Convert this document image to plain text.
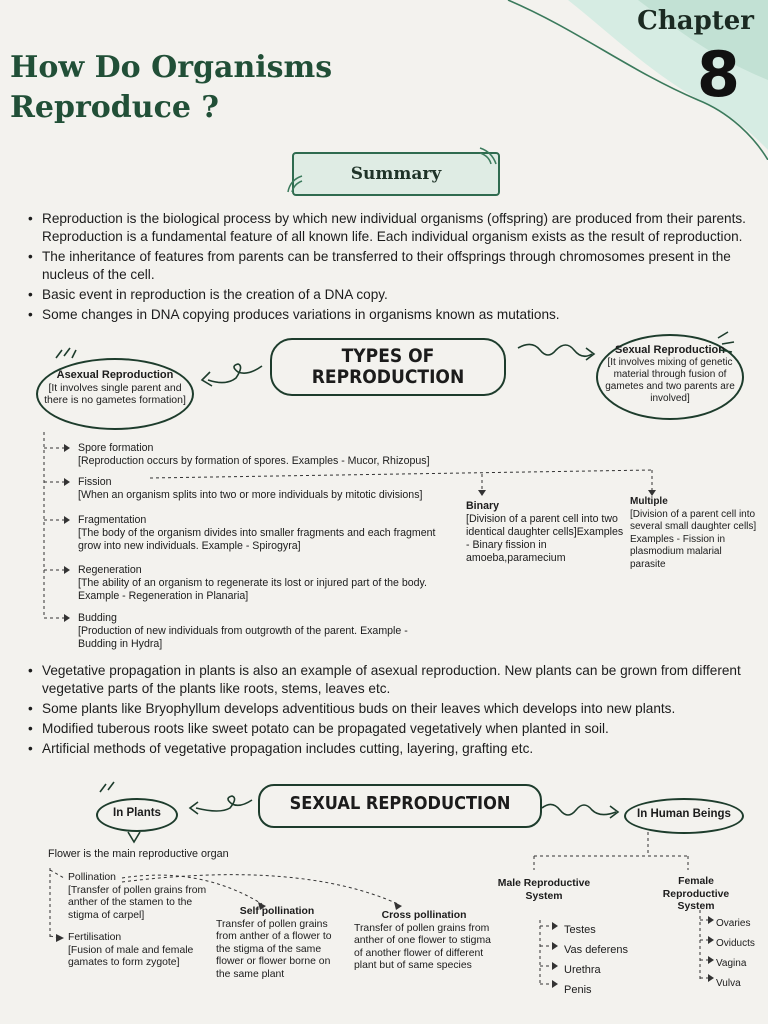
Chapter
8
How Do Organisms
Reproduce ?
Summary
• Reproduction is the biological process by which new individual organisms (offspring) are produced from their parents. Reproduction is a fundamental feature of all known life. Each individual organism exists as the result of reproduction.
• The inheritance of features from parents can be transferred to their offsprings through chromosomes present in the nucleus of the cell.
• Basic event in reproduction is the creation of a DNA copy.
• Some changes in DNA copying produces variations in organisms known as mutations.
TYPES OF
REPRODUCTION
Asexual Reproduction
[It involves single parent and there is no gametes formation]
Sexual Reproduction
[It involves mixing of genetic material through fusion of gametes and two parents are involved]
Spore formation
[Reproduction occurs by formation of spores. Examples - Mucor, Rhizopus]
Fission
[When an organism splits into two or more individuals by mitotic divisions]
Fragmentation
[The body of the organism divides into smaller fragments and each fragment grow into new individuals. Example - Spirogyra]
Regeneration
[The ability of an organism to regenerate its lost or injured part of the body. Example - Regeneration in Planaria]
Budding
[Production of new individuals from outgrowth of the parent. Example - Budding in Hydra]
Binary
[Division of a parent cell into two identical daughter cells]Examples - Binary fission in amoeba,paramecium
Multiple
[Division of a parent cell into several small daughter cells] Examples - Fission in plasmodium malarial parasite
• Vegetative propagation in plants is also an example of asexual reproduction. New plants can be grown from different vegetative parts of the plants like roots, stems, leaves etc.
• Some plants like Bryophyllum develops adventitious buds on their leaves which develops into new plants.
• Modified tuberous roots like sweet potato can be propagated vegetatively when planted in soil.
• Artificial methods of vegetative propagation includes cutting, layering, grafting etc.
SEXUAL REPRODUCTION
In Plants	In Human Beings
Flower is the main reproductive organ
Pollination
[Transfer of pollen grains from anther of the stamen to the stigma of carpel]
Fertilisation
[Fusion of male and female gamates to form zygote]
Self pollination
Transfer of pollen grains from anther of a flower to the stigma of the same flower or flower borne on the same plant
Cross pollination
Transfer of pollen grains from anther of one flower to stigma of another flower of different plant but of same species
Male Reproductive System
Female Reproductive System
Testes
Vas deferens
Urethra
Penis
Ovaries
Oviducts
Vagina
Vulva
